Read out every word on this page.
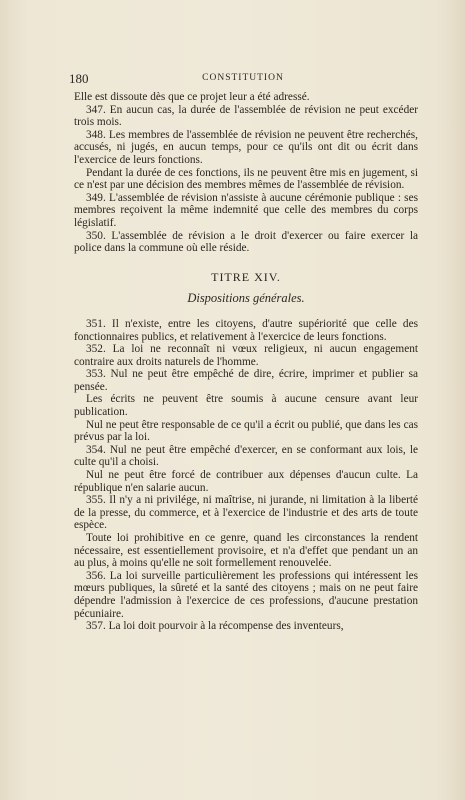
180	CONSTITUTION

Elle est dissoute dès que ce projet leur a été adressé.

347. En aucun cas, la durée de l'assemblée de révision ne peut excéder trois mois.

348. Les membres de l'assemblée de révision ne peuvent être recherchés, accusés, ni jugés, en aucun temps, pour ce qu'ils ont dit ou écrit dans l'exercice de leurs fonctions.

Pendant la durée de ces fonctions, ils ne peuvent être mis en jugement, si ce n'est par une décision des membres mêmes de l'assemblée de révision.

349. L'assemblée de révision n'assiste à aucune cérémonie publique : ses membres reçoivent la même indemnité que celle des membres du corps législatif.

350. L'assemblée de révision a le droit d'exercer ou faire exercer la police dans la commune où elle réside.

TITRE XIV.
Dispositions générales.

351. Il n'existe, entre les citoyens, d'autre supériorité que celle des fonctionnaires publics, et relativement à l'exercice de leurs fonctions.

352. La loi ne reconnaît ni vœux religieux, ni aucun engagement contraire aux droits naturels de l'homme.

353. Nul ne peut être empêché de dire, écrire, imprimer et publier sa pensée.

Les écrits ne peuvent être soumis à aucune censure avant leur publication.

Nul ne peut être responsable de ce qu'il a écrit ou publié, que dans les cas prévus par la loi.

354. Nul ne peut être empêché d'exercer, en se conformant aux lois, le culte qu'il a choisi.

Nul ne peut être forcé de contribuer aux dépenses d'aucun culte. La république n'en salarie aucun.

355. Il n'y a ni privilége, ni maîtrise, ni jurande, ni limitation à la liberté de la presse, du commerce, et à l'exercice de l'industrie et des arts de toute espèce.

Toute loi prohibitive en ce genre, quand les circonstances la rendent nécessaire, est essentiellement provisoire, et n'a d'effet que pendant un an au plus, à moins qu'elle ne soit formellement renouvelée.

356. La loi surveille particulièrement les professions qui intéressent les mœurs publiques, la sûreté et la santé des citoyens ; mais on ne peut faire dépendre l'admission à l'exercice de ces professions, d'aucune prestation pécuniaire.

357. La loi doit pourvoir à la récompense des inventeurs,
